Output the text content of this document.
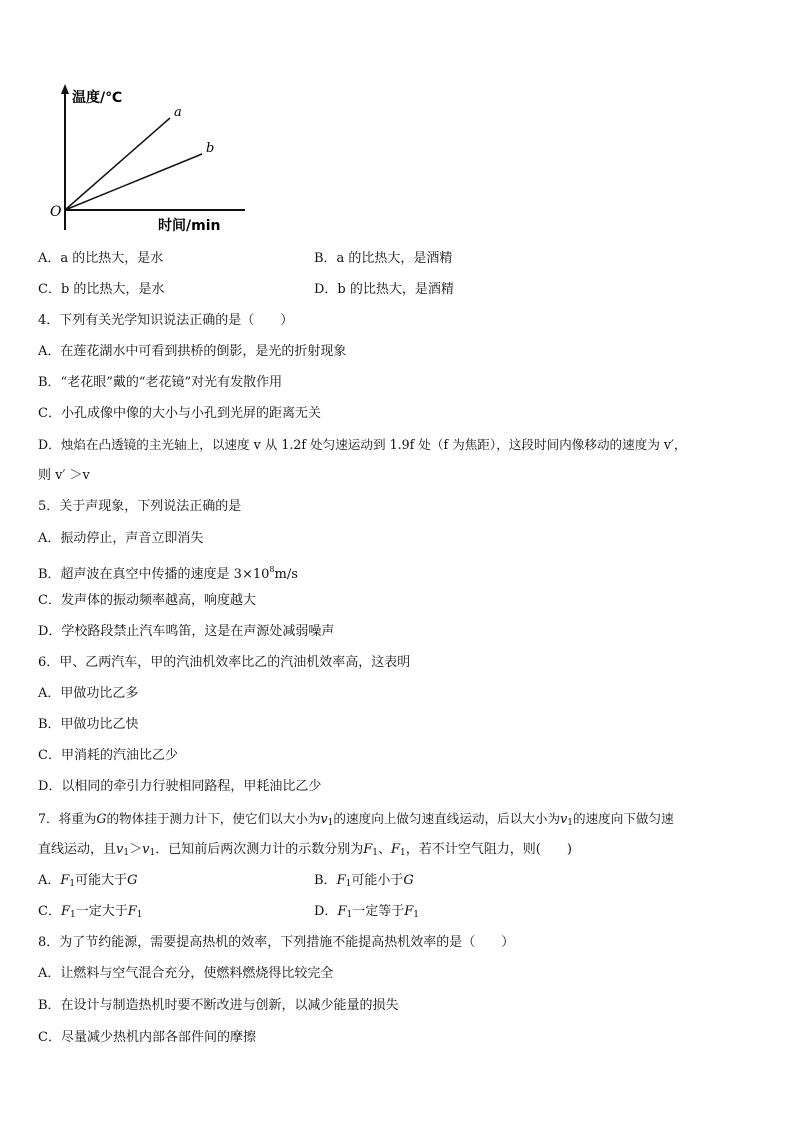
温度/℃
时间/min
O
a
b
A．a 的比热大，是水	B．a 的比热大，是酒精
C．b 的比热大，是水	D．b 的比热大，是酒精
4．下列有关光学知识说法正确的是（　　）
A．在莲花湖水中可看到拱桥的倒影，是光的折射现象
B．“老花眼”戴的“老花镜”对光有发散作用
C．小孔成像中像的大小与小孔到光屏的距离无关
D．烛焰在凸透镜的主光轴上，以速度 v 从 1.2f 处匀速运动到 1.9f 处（f 为焦距），这段时间内像移动的速度为 v′，
则 v′ ＞v
5．关于声现象，下列说法正确的是
A．振动停止，声音立即消失
B．超声波在真空中传播的速度是 $3\times 10^8m/s$
C．发声体的振动频率越高，响度越大
D．学校路段禁止汽车鸣笛，这是在声源处减弱噪声
6．甲、乙两汽车，甲的汽油机效率比乙的汽油机效率高，这表明
A．甲做功比乙多
B．甲做功比乙快
C．甲消耗的汽油比乙少
D．以相同的牵引力行驶相同路程，甲耗油比乙少
7．将重为G的物体挂于测力计下，使它们以大小为$v_1$的速度向上做匀速直线运动，后以大小为$v_1$的速度向下做匀速
直线运动，且$v_1>v_1$．已知前后两次测力计的示数分别为$F_1$、$F_1$，若不计空气阻力，则(　　)
A．$F_1$可能大于G	B．$F_1$可能小于G
C．$F_1$一定大于$F_1$	D．$F_1$一定等于$F_1$
8．为了节约能源，需要提高热机的效率，下列措施不能提高热机效率的是（　　）
A．让燃料与空气混合充分，使燃料燃烧得比较完全
B．在设计与制造热机时要不断改进与创新，以减少能量的损失
C．尽量减少热机内部各部件间的摩擦
